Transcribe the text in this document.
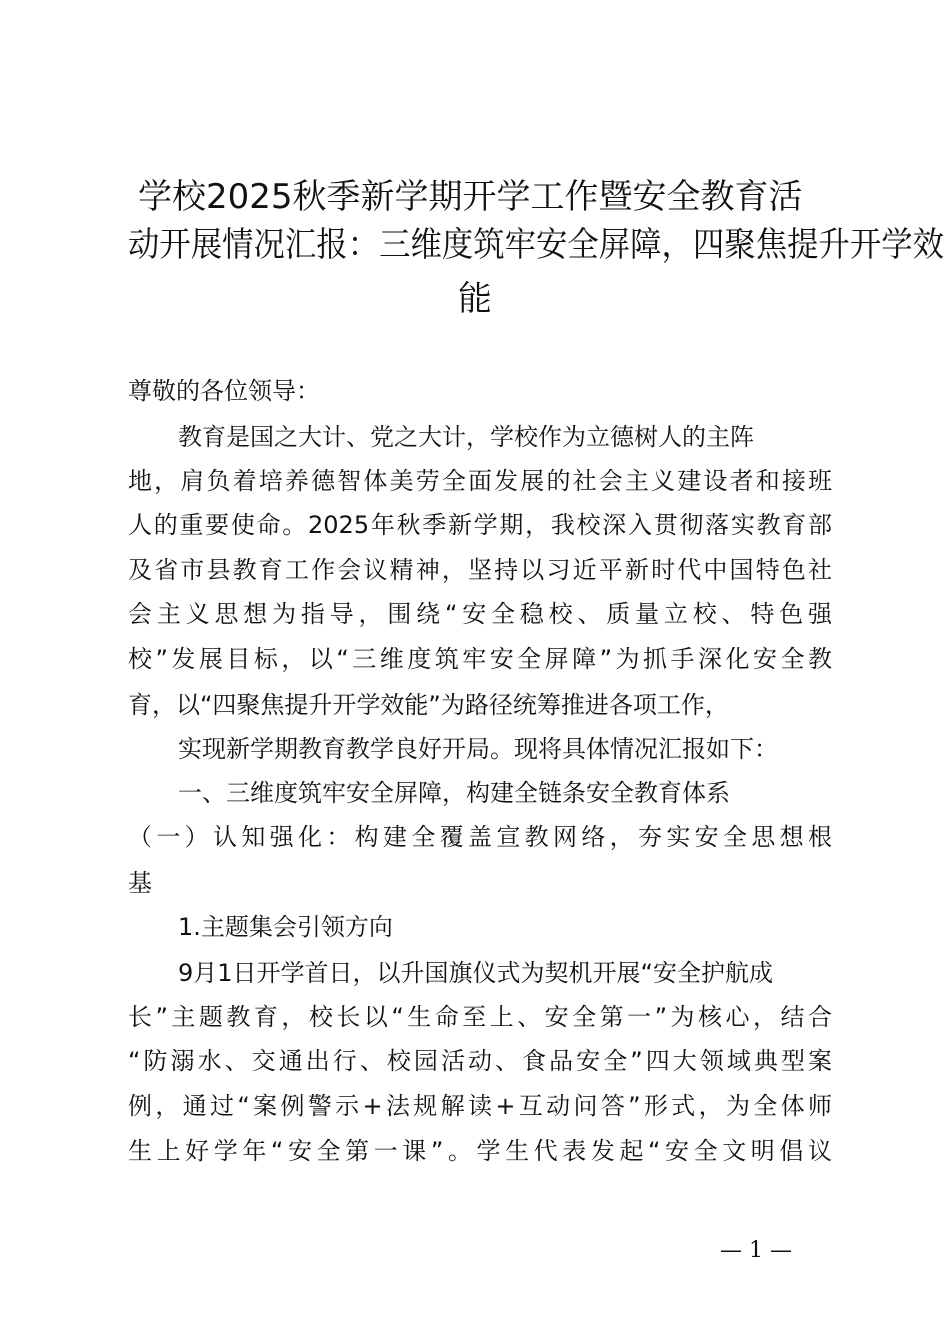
学校2025秋季新学期开学工作暨安全教育活
动开展情况汇报：三维度筑牢安全屏障，四聚焦提升开学效
能
尊敬的各位领导：
教育是国之大计、党之大计，学校作为立德树人的主阵
地，肩负着培养德智体美劳全面发展的社会主义建设者和接班
人的重要使命。2025年秋季新学期，我校深入贯彻落实教育部
及省市县教育工作会议精神，坚持以习近平新时代中国特色社
会主义思想为指导，围绕“安全稳校、质量立校、特色强
校”发展目标，以“三维度筑牢安全屏障”为抓手深化安全教
育，以“四聚焦提升开学效能”为路径统筹推进各项工作，
实现新学期教育教学良好开局。现将具体情况汇报如下：
一、三维度筑牢安全屏障，构建全链条安全教育体系
（一）认知强化：构建全覆盖宣教网络，夯实安全思想根
基
1.主题集会引领方向
9月1日开学首日，以升国旗仪式为契机开展“安全护航成
长”主题教育，校长以“生命至上、安全第一”为核心，结合
“防溺水、交通出行、校园活动、食品安全”四大领域典型案
例，通过“案例警示+法规解读+互动问答”形式，为全体师
生上好学年“安全第一课”。学生代表发起“安全文明倡议
— 1 —
